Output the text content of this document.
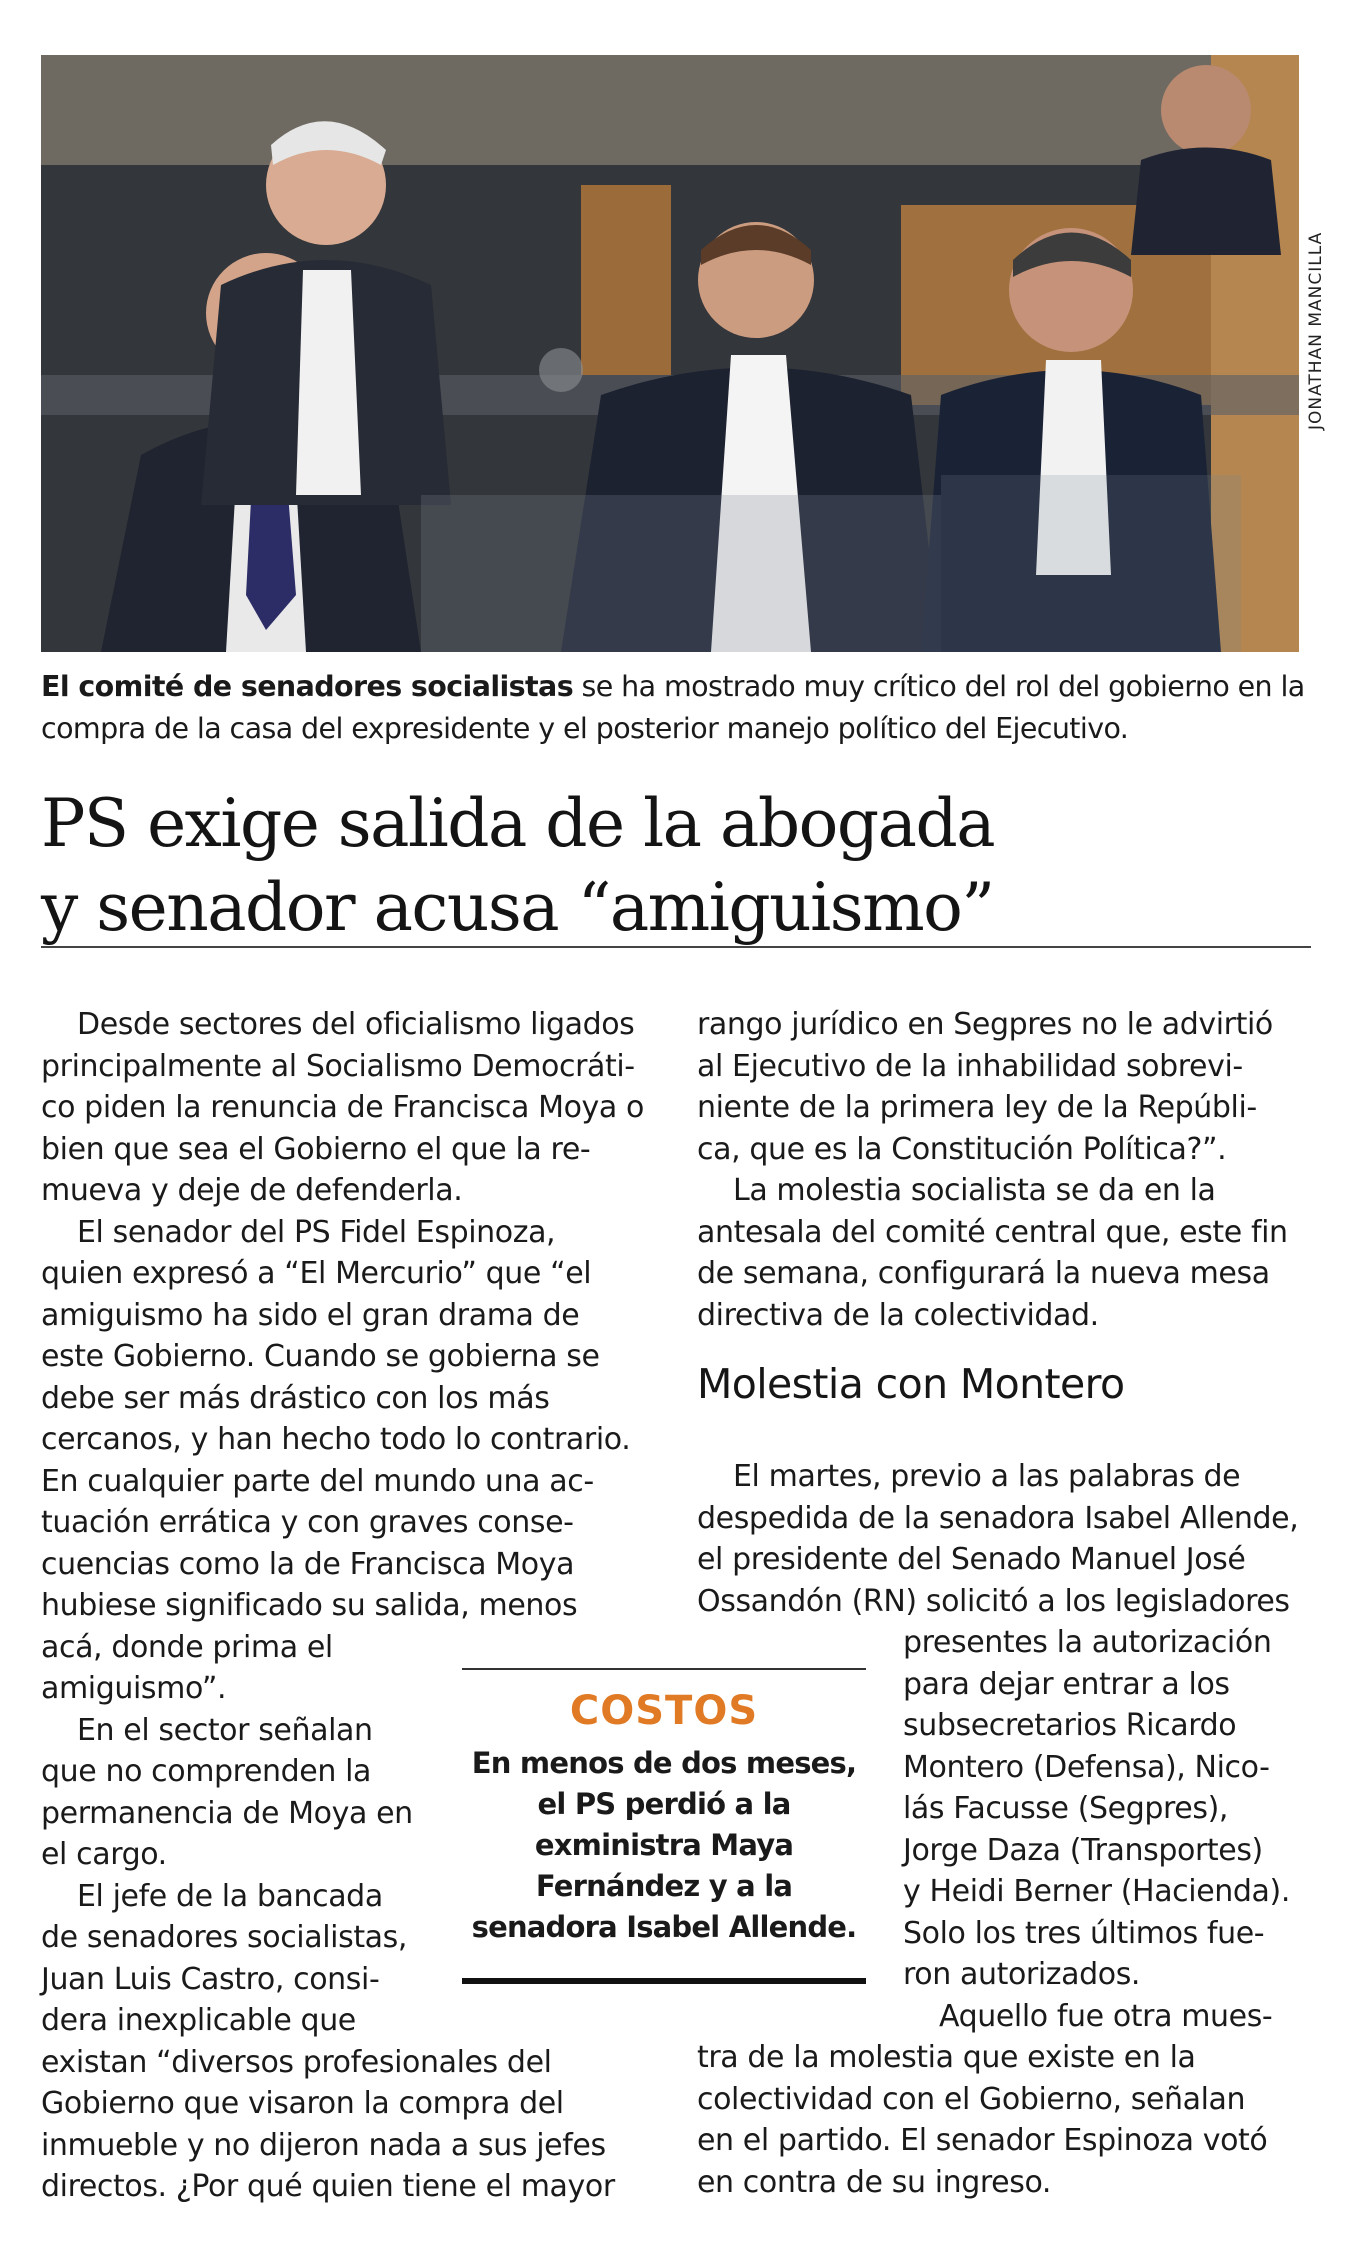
JONATHAN MANCILLA
El comité de senadores socialistas se ha mostrado muy crítico del rol del gobierno en la compra de la casa del expresidente y el posterior manejo político del Ejecutivo.
PS exige salida de la abogada
y senador acusa “amiguismo”
Desde sectores del oficialismo ligados
principalmente al Socialismo Democráti-
co piden la renuncia de Francisca Moya o
bien que sea el Gobierno el que la re-
mueva y deje de defenderla.
El senador del PS Fidel Espinoza,
quien expresó a “El Mercurio” que “el
amiguismo ha sido el gran drama de
este Gobierno. Cuando se gobierna se
debe ser más drástico con los más
cercanos, y han hecho todo lo contrario.
En cualquier parte del mundo una ac-
tuación errática y con graves conse-
cuencias como la de Francisca Moya
hubiese significado su salida, menos
acá, donde prima el
amiguismo”.
En el sector señalan
que no comprenden la
permanencia de Moya en
el cargo.
El jefe de la bancada
de senadores socialistas,
Juan Luis Castro, consi-
dera inexplicable que
existan “diversos profesionales del
Gobierno que visaron la compra del
inmueble y no dijeron nada a sus jefes
directos. ¿Por qué quien tiene el mayor
rango jurídico en Segpres no le advirtió
al Ejecutivo de la inhabilidad sobrevi-
niente de la primera ley de la Repúbli-
ca, que es la Constitución Política?”.
La molestia socialista se da en la
antesala del comité central que, este fin
de semana, configurará la nueva mesa
directiva de la colectividad.
Molestia con Montero
El martes, previo a las palabras de
despedida de la senadora Isabel Allende,
el presidente del Senado Manuel José
Ossandón (RN) solicitó a los legisladores
presentes la autorización
para dejar entrar a los
subsecretarios Ricardo
Montero (Defensa), Nico-
lás Facusse (Segpres),
Jorge Daza (Transportes)
y Heidi Berner (Hacienda).
Solo los tres últimos fue-
ron autorizados.
Aquello fue otra mues-
tra de la molestia que existe en la
colectividad con el Gobierno, señalan
en el partido. El senador Espinoza votó
en contra de su ingreso.
COSTOS
En menos de dos meses, el PS perdió a la exministra Maya Fernández y a la senadora Isabel Allende.
